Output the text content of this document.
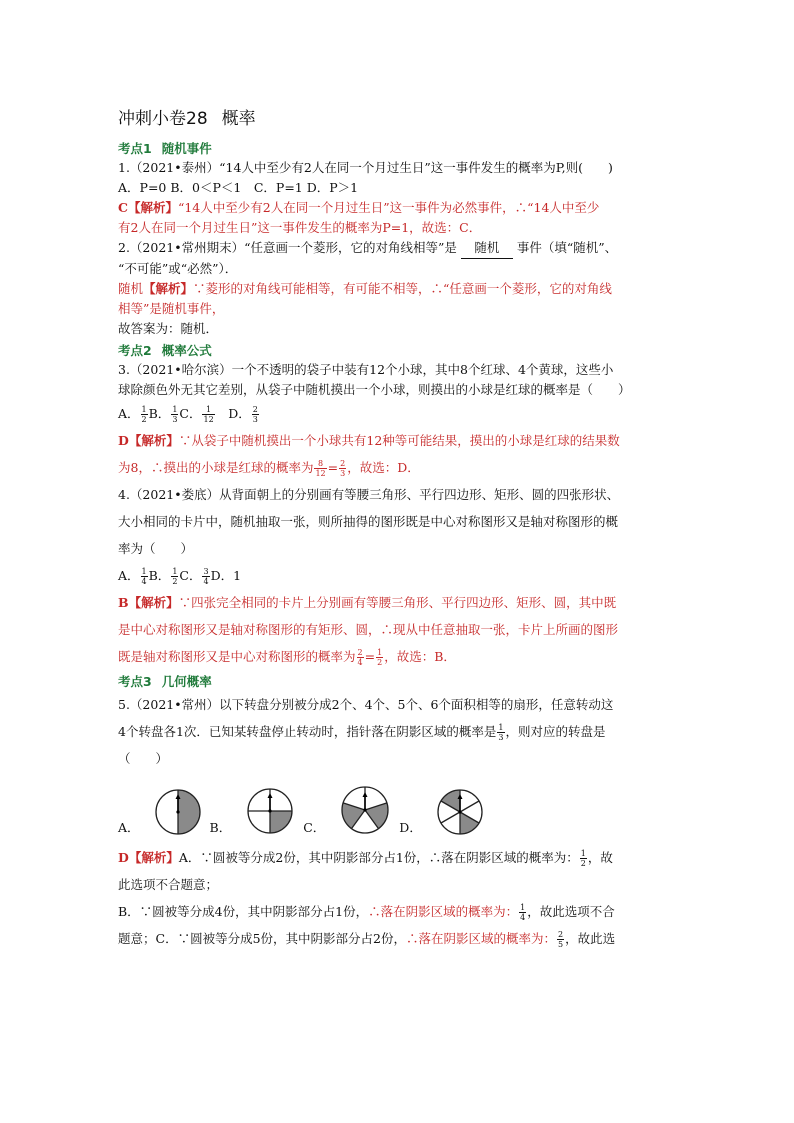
冲刺小卷28 概率
考点1 随机事件
1.（2021•泰州）“14人中至少有2人在同一个月过生日”这一事件发生的概率为P,则(　　)
A．P=0 B．0＜P＜1　C．P=1 D．P＞1
C【解析】“14人中至少有2人在同一个月过生日”这一事件为必然事件，∴“14人中至少
有2人在同一个月过生日”这一事件发生的概率为P=1，故选：C．
2.（2021•常州期末）“任意画一个菱形，它的对角线相等”是 随机 事件（填“随机”、
“不可能”或“必然”）．
随机【解析】∵菱形的对角线可能相等，有可能不相等，∴“任意画一个菱形，它的对角线
相等”是随机事件，
故答案为：随机．
考点2 概率公式
3.（2021•哈尔滨）一个不透明的袋子中装有12个小球，其中8个红球、4个黄球，这些小
球除颜色外无其它差别，从袋子中随机摸出一个小球，则摸出的小球是红球的概率是（　　）
A． $\frac{1}{2}$ B． $\frac{1}{3}$ C． $\frac{1}{12}$
　 D． $\frac{2}{3}$
D【解析】∵从袋子中随机摸出一个小球共有12种等可能结果，摸出的小球是红球的结果数
为8，∴摸出的小球是红球的概率为 $\frac{8}{12} = \frac{2}{3}$ ，故选：D．
4.（2021•娄底）从背面朝上的分别画有等腰三角形、平行四边形、矩形、圆的四张形状、
大小相同的卡片中，随机抽取一张，则所抽得的图形既是中心对称图形又是轴对称图形的概
率为（　　）
A． $\frac{1}{4}$ B． $\frac{1}{2}$ C． $\frac{3}{4}$ D．1
B【解析】∵四张完全相同的卡片上分别画有等腰三角形、平行四边形、矩形、圆，其中既
是中心对称图形又是轴对称图形的有矩形、圆，∴现从中任意抽取一张，卡片上所画的图形
既是轴对称图形又是中心对称图形的概率为 $\frac{2}{4} = \frac{1}{2}$ ，故选：B．
考点3 几何概率
5.（2021•常州）以下转盘分别被分成2个、4个、5个、6个面积相等的扇形，任意转动这
4个转盘各1次．已知某转盘停止转动时，指针落在阴影区域的概率是 $\frac{1}{3}$ ，则对应的转盘是
（　　）
A．	B．	C．	D．
D【解析】A．∵圆被等分成2份，其中阴影部分占1份，∴落在阴影区域的概率为： $\frac{1}{2}$ ，故
此选项不合题意；
B．∵圆被等分成4份，其中阴影部分占1份，∴落在阴影区域的概率为： $\frac{1}{4}$ ，故此选项不合
题意；C．∵圆被等分成5份，其中阴影部分占2份，∴落在阴影区域的概率为： $\frac{2}{5}$ ，故此选
